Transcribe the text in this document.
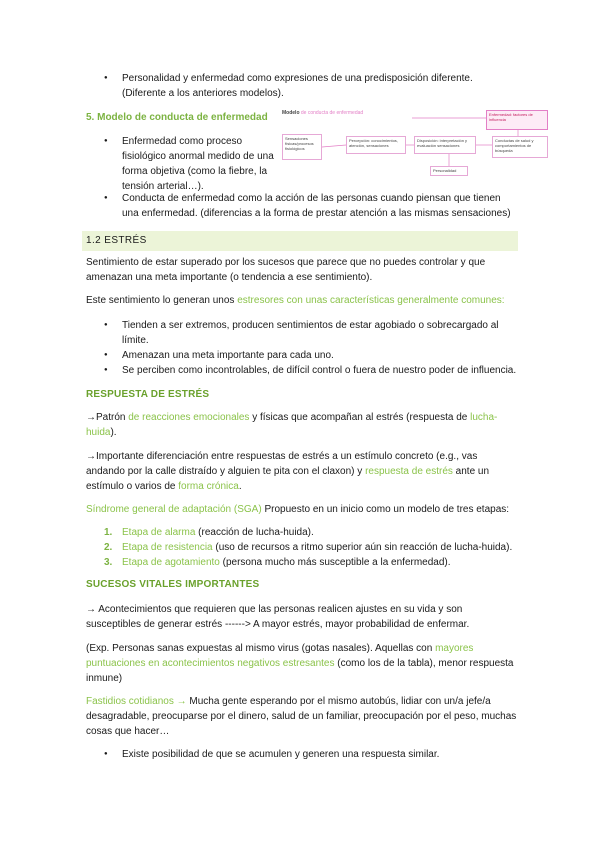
● Personalidad y enfermedad como expresiones de una predisposición diferente. (Diferente a los anteriores modelos).

5. Modelo de conducta de enfermedad	Modelo de conducta de enfermedad
Sensaciones físicas/procesos fisiológicos
Percepción: conocimientos, atención, sensaciones
Disposición: interpretación y evaluación sensaciones
Conductas de salud y comportamientos de búsqueda
Enfermedad: factores de influencia
Personalidad
● Enfermedad como proceso fisiológico anormal medido de una forma objetiva (como la fiebre, la tensión arterial…).
● Conducta de enfermedad como la acción de las personas cuando piensan que tienen una enfermedad. (diferencias a la forma de prestar atención a las mismas sensaciones)
1.2 ESTRÉS

Sentimiento de estar superado por los sucesos que parece que no puedes controlar y que amenazan una meta importante (o tendencia a ese sentimiento).

Este sentimiento lo generan unos estresores con unas características generalmente comunes:

● Tienden a ser extremos, producen sentimientos de estar agobiado o sobrecargado al límite.
● Amenazan una meta importante para cada uno.
● Se perciben como incontrolables, de difícil control o fuera de nuestro poder de influencia.

RESPUESTA DE ESTRÉS

→Patrón de reacciones emocionales y físicas que acompañan al estrés (respuesta de lucha-huida).

→Importante diferenciación entre respuestas de estrés a un estímulo concreto (e.g., vas andando por la calle distraído y alguien te pita con el claxon) y respuesta de estrés ante un estímulo o varios de forma crónica.

Síndrome general de adaptación (SGA) Propuesto en un inicio como un modelo de tres etapas:

1. Etapa de alarma (reacción de lucha-huida).
2. Etapa de resistencia (uso de recursos a ritmo superior aún sin reacción de lucha-huida).
3. Etapa de agotamiento (persona mucho más susceptible a la enfermedad).

SUCESOS VITALES IMPORTANTES

→ Acontecimientos que requieren que las personas realicen ajustes en su vida y son susceptibles de generar estrés ------> A mayor estrés, mayor probabilidad de enfermar.

(Exp. Personas sanas expuestas al mismo virus (gotas nasales). Aquellas con mayores puntuaciones en acontecimientos negativos estresantes (como los de la tabla), menor respuesta inmune)

Fastidios cotidianos → Mucha gente esperando por el mismo autobús, lidiar con un/a jefe/a desagradable, preocuparse por el dinero, salud de un familiar, preocupación por el peso, muchas cosas que hacer…

● Existe posibilidad de que se acumulen y generen una respuesta similar.
